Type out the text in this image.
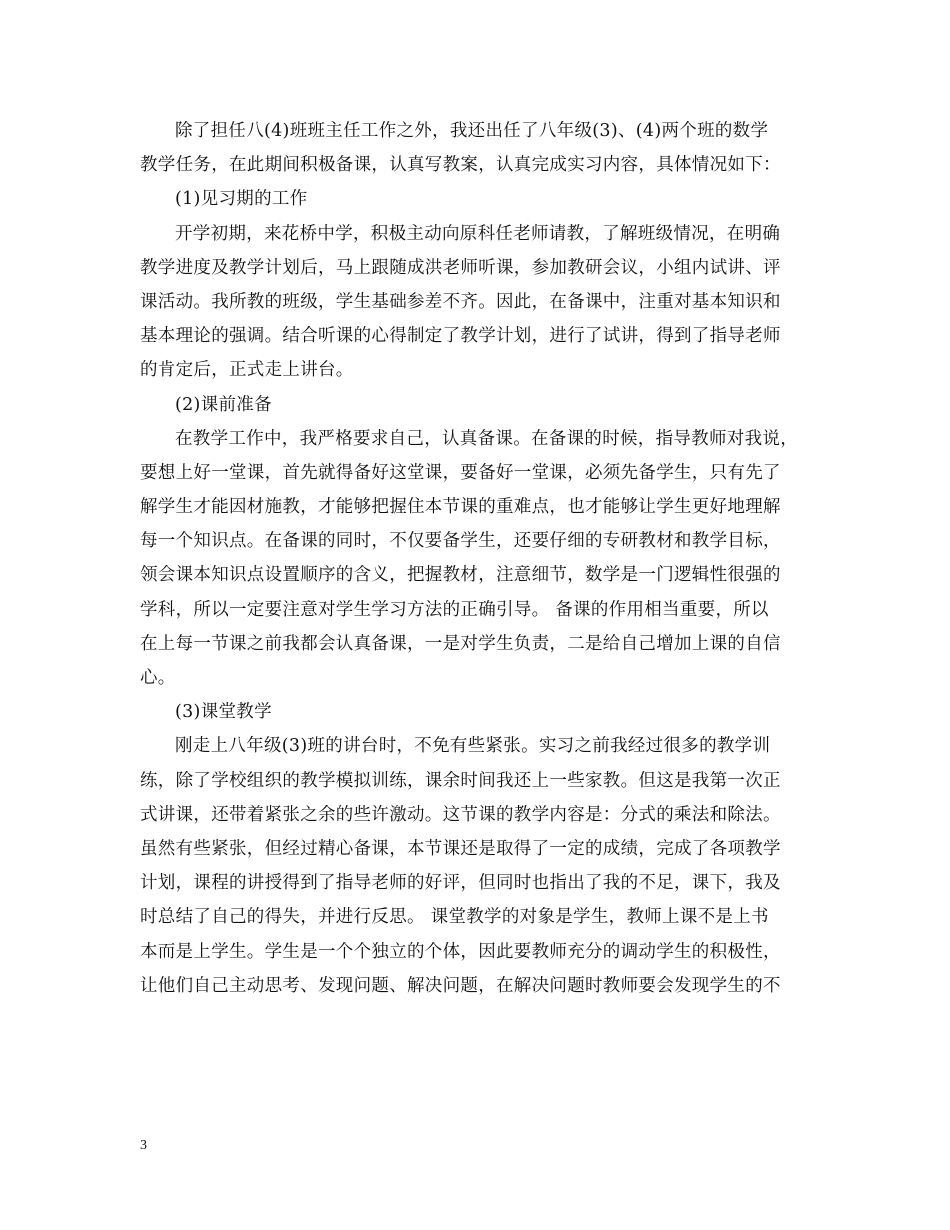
除了担任八(4)班班主任工作之外，我还出任了八年级(3)、(4)两个班的数学
教学任务，在此期间积极备课，认真写教案，认真完成实习内容，具体情况如下：
(1)见习期的工作
开学初期，来花桥中学，积极主动向原科任老师请教，了解班级情况，在明确
教学进度及教学计划后，马上跟随成洪老师听课，参加教研会议，小组内试讲、评
课活动。我所教的班级，学生基础参差不齐。因此，在备课中，注重对基本知识和
基本理论的强调。结合听课的心得制定了教学计划，进行了试讲，得到了指导老师
的肯定后，正式走上讲台。
(2)课前准备
在教学工作中，我严格要求自己，认真备课。在备课的时候，指导教师对我说，
要想上好一堂课，首先就得备好这堂课，要备好一堂课，必须先备学生，只有先了
解学生才能因材施教，才能够把握住本节课的重难点，也才能够让学生更好地理解
每一个知识点。在备课的同时，不仅要备学生，还要仔细的专研教材和教学目标，
领会课本知识点设置顺序的含义，把握教材，注意细节，数学是一门逻辑性很强的
学科，所以一定要注意对学生学习方法的正确引导。 备课的作用相当重要，所以
在上每一节课之前我都会认真备课，一是对学生负责，二是给自己增加上课的自信
心。
(3)课堂教学
刚走上八年级(3)班的讲台时，不免有些紧张。实习之前我经过很多的教学训
练，除了学校组织的教学模拟训练，课余时间我还上一些家教。但这是我第一次正
式讲课，还带着紧张之余的些许激动。这节课的教学内容是：分式的乘法和除法。
虽然有些紧张，但经过精心备课，本节课还是取得了一定的成绩，完成了各项教学
计划，课程的讲授得到了指导老师的好评，但同时也指出了我的不足，课下，我及
时总结了自己的得失，并进行反思。 课堂教学的对象是学生，教师上课不是上书
本而是上学生。学生是一个个独立的个体，因此要教师充分的调动学生的积极性，
让他们自己主动思考、发现问题、解决问题，在解决问题时教师要会发现学生的不
3
